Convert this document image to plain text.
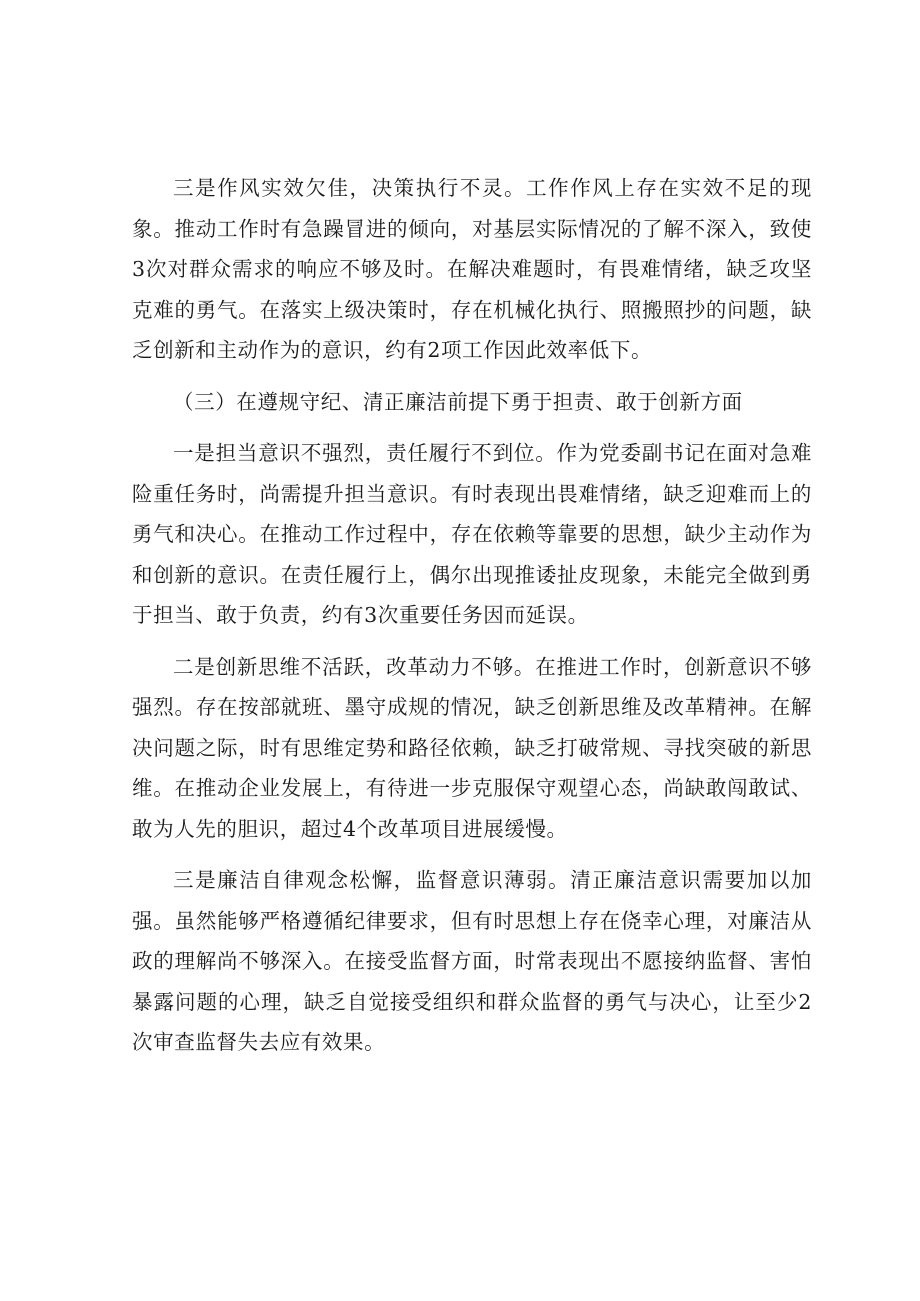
三是作风实效欠佳，决策执行不灵。工作作风上存在实效不足的现象。推动工作时有急躁冒进的倾向，对基层实际情况的了解不深入，致使3次对群众需求的响应不够及时。在解决难题时，有畏难情绪，缺乏攻坚克难的勇气。在落实上级决策时，存在机械化执行、照搬照抄的问题，缺乏创新和主动作为的意识，约有2项工作因此效率低下。

（三）在遵规守纪、清正廉洁前提下勇于担责、敢于创新方面

一是担当意识不强烈，责任履行不到位。作为党委副书记在面对急难险重任务时，尚需提升担当意识。有时表现出畏难情绪，缺乏迎难而上的勇气和决心。在推动工作过程中，存在依赖等靠要的思想，缺少主动作为和创新的意识。在责任履行上，偶尔出现推诿扯皮现象，未能完全做到勇于担当、敢于负责，约有3次重要任务因而延误。

二是创新思维不活跃，改革动力不够。在推进工作时，创新意识不够强烈。存在按部就班、墨守成规的情况，缺乏创新思维及改革精神。在解决问题之际，时有思维定势和路径依赖，缺乏打破常规、寻找突破的新思维。在推动企业发展上，有待进一步克服保守观望心态，尚缺敢闯敢试、敢为人先的胆识，超过4个改革项目进展缓慢。

三是廉洁自律观念松懈，监督意识薄弱。清正廉洁意识需要加以加强。虽然能够严格遵循纪律要求，但有时思想上存在侥幸心理，对廉洁从政的理解尚不够深入。在接受监督方面，时常表现出不愿接纳监督、害怕暴露问题的心理，缺乏自觉接受组织和群众监督的勇气与决心，让至少2次审查监督失去应有效果。
